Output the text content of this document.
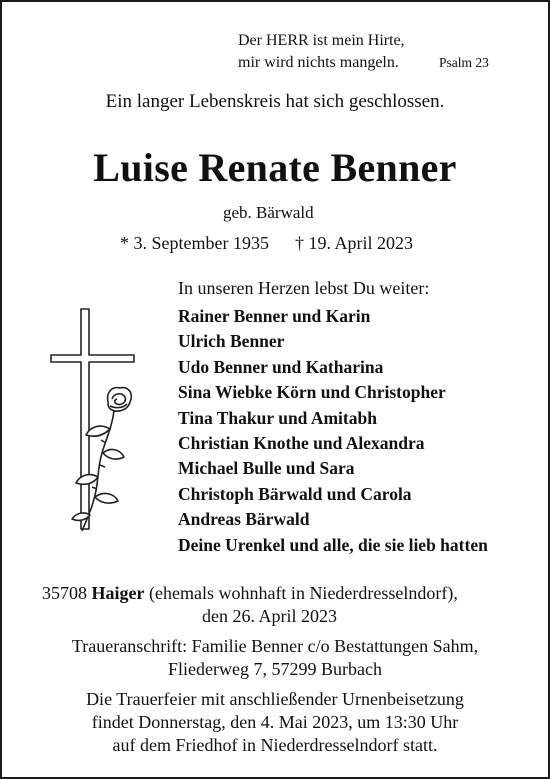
Der HERR ist mein Hirte,
mir wird nichts mangeln.	Psalm 23
Ein langer Lebenskreis hat sich geschlossen.
Luise Renate Benner
geb. Bärwald
* 3. September 1935 † 19. April 2023
In unseren Herzen lebst Du weiter:
Rainer Benner und Karin
Ulrich Benner
Udo Benner und Katharina
Sina Wiebke Körn und Christopher
Tina Thakur und Amitabh
Christian Knothe und Alexandra
Michael Bulle und Sara
Christoph Bärwald und Carola
Andreas Bärwald
Deine Urenkel und alle, die sie lieb hatten
35708 Haiger (ehemals wohnhaft in Niederdresselndorf),
den 26. April 2023
Traueranschrift: Familie Benner c/o Bestattungen Sahm,
Fliederweg 7, 57299 Burbach
Die Trauerfeier mit anschließender Urnenbeisetzung
findet Donnerstag, den 4. Mai 2023, um 13:30 Uhr
auf dem Friedhof in Niederdresselndorf statt.
